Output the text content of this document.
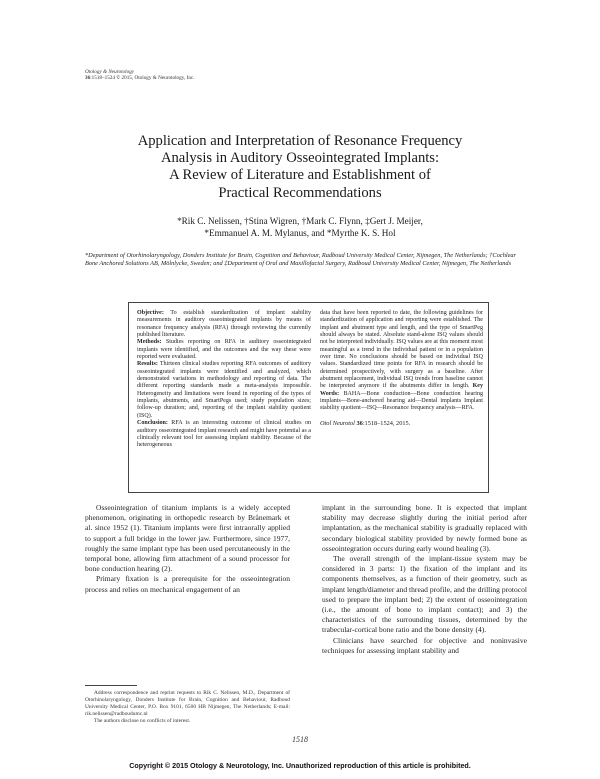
Otology & Neurotology
36:1518–1524 © 2015, Otology & Neurotology, Inc.
Application and Interpretation of Resonance Frequency
Analysis in Auditory Osseointegrated Implants:
A Review of Literature and Establishment of
Practical Recommendations
*Rik C. Nelissen, †Stina Wigren, †Mark C. Flynn, ‡Gert J. Meijer,
*Emmanuel A. M. Mylanus, and *Myrthe K. S. Hol
*Department of Otorhinolaryngology, Donders Institute for Brain, Cognition and Behaviour, Radboud University Medical Center, Nijmegen, The Netherlands; †Cochlear Bone Anchored Solutions AB, Mölnlycke, Sweden; and ‡Department of Oral and Maxillofacial Surgery, Radboud University Medical Center, Nijmegen, The Netherlands

Objective: To establish standardization of implant stability measurements in auditory osseointegrated implants by means of resonance frequency analysis (RFA) through reviewing the currently published literature.

Methods: Studies reporting on RFA in auditory osseointegrated implants were identified, and the outcomes and the way these were reported were evaluated.

Results: Thirteen clinical studies reporting RFA outcomes of auditory osseointegrated implants were identified and analyzed, which demonstrated variations in methodology and reporting of data. The different reporting standards made a meta-analysis impossible. Heterogeneity and limitations were found in reporting of the types of implants, abutments, and SmartPegs used; study population sizes; follow-up duration; and, reporting of the implant stability quotient (ISQ).

Conclusion: RFA is an interesting outcome of clinical studies on auditory osseointegrated implant research and might have potential as a clinically relevant tool for assessing implant stability. Because of the heterogeneous

data that have been reported to date, the following guidelines for standardization of application and reporting were established. The implant and abutment type and length, and the type of SmartPeg should always be stated. Absolute stand-alone ISQ values should not be interpreted individually. ISQ values are at this moment most meaningful as a trend in the individual patient or in a population over time. No conclusions should be based on individual ISQ values. Standardized time points for RFA in research should be determined prospectively, with surgery as a baseline. After abutment replacement, individual ISQ trends from baseline cannot be interpreted anymore if the abutments differ in length. Key Words: BAHA—Bone conduction—Bone conduction hearing implants—Bone-anchored hearing aid—Dental implants Implant stability quotient—ISQ—Resonance frequency analysis—RFA.

Otol Neurotol 36:1518–1524, 2015.

Osseointegration of titanium implants is a widely accepted phenomenon, originating in orthopedic research by Brånemark et al. since 1952 (1). Titanium implants were first intraorally applied to support a full bridge in the lower jaw. Furthermore, since 1977, roughly the same implant type has been used percutaneously in the temporal bone, allowing firm attachment of a sound processor for bone conduction hearing (2).

Primary fixation is a prerequisite for the osseointegration process and relies on mechanical engagement of an

implant in the surrounding bone. It is expected that implant stability may decrease slightly during the initial period after implantation, as the mechanical stability is gradually replaced with secondary biological stability provided by newly formed bone as osseointegration occurs during early wound healing (3).

The overall strength of the implant-tissue system may be considered in 3 parts: 1) the fixation of the implant and its components themselves, as a function of their geometry, such as implant length/diameter and thread profile, and the drilling protocol used to prepare the implant bed; 2) the extent of osseointegration (i.e., the amount of bone to implant contact); and 3) the characteristics of the surrounding tissues, determined by the trabecular-cortical bone ratio and the bone density (4).

Clinicians have searched for objective and noninvasive techniques for assessing implant stability and

Address correspondence and reprint requests to Rik C. Nelissen, M.D., Department of Otorhinolaryngology, Donders Institute for Brain, Cognition and Behaviour, Radboud University Medical Center, P.O. Box 9101, 6500 HB Nijmegen, The Netherlands; E-mail: rik.nelissen@radboudumc.nl

The authors disclose no conflicts of interest.

1518
Copyright © 2015 Otology & Neurotology, Inc. Unauthorized reproduction of this article is prohibited.
